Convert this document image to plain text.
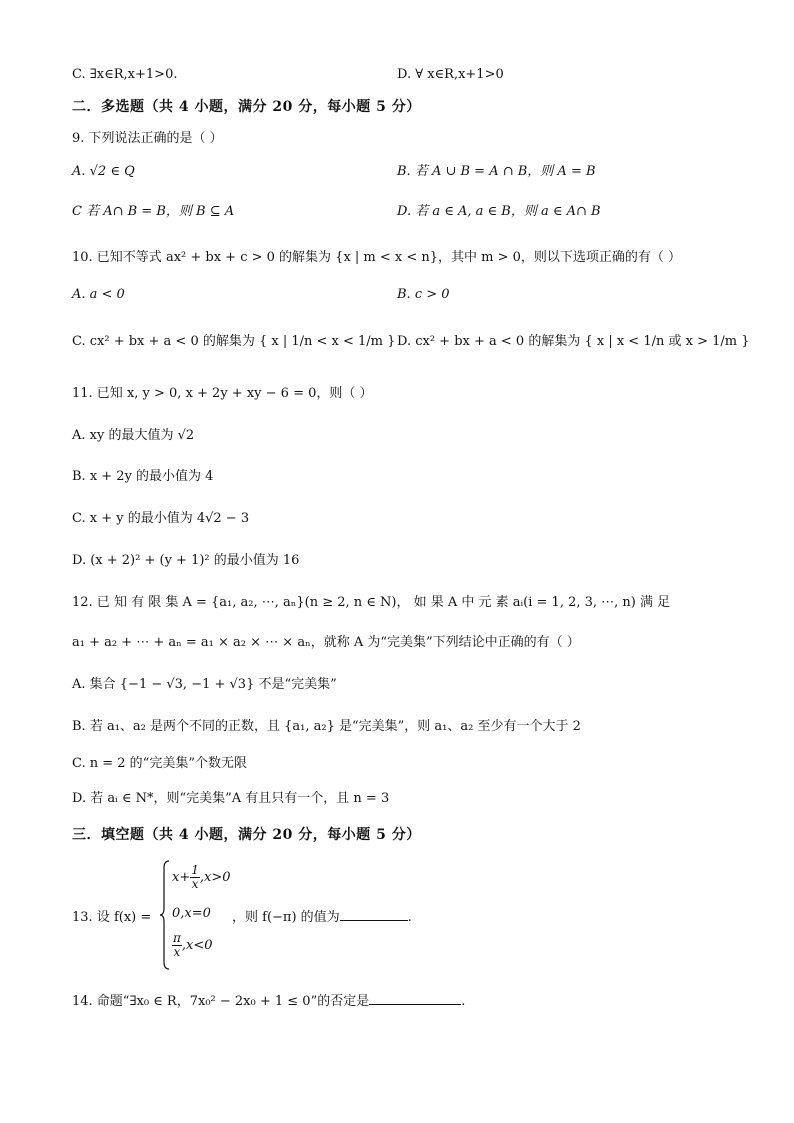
C. ∃x∈R,x+1>0.	D. ∀ x∈R,x+1>0
二．多选题（共 4 小题，满分 20 分，每小题 5 分）
9. 下列说法正确的是（ ）
A. √2 ∈ Q	B. 若 A ∪ B = A ∩ B，则 A = B
C 若 A∩ B = B，则 B ⊆ A	D. 若 a ∈ A, a ∈ B，则 a ∈ A∩ B
10. 已知不等式 ax² + bx + c > 0 的解集为 {x | m < x < n}，其中 m > 0，则以下选项正确的有（ ）
A. a < 0	B. c > 0
C. cx² + bx + a < 0 的解集为 { x | 1/n < x < 1/m } D. cx² + bx + a < 0 的解集为 { x | x < 1/n 或 x > 1/m }
11. 已知 x, y > 0, x + 2y + xy − 6 = 0，则（ ）
A. xy 的最大值为 √2
B. x + 2y 的最小值为 4
C. x + y 的最小值为 4√2 − 3
D. (x + 2)² + (y + 1)² 的最小值为 16
12. 已 知 有 限 集 A = {a₁, a₂, ⋯, aₙ}(n ≥ 2, n ∈ N)， 如 果 A 中 元 素 aᵢ(i = 1, 2, 3, ⋯, n) 满 足
a₁ + a₂ + ⋯ + aₙ = a₁ × a₂ × ⋯ × aₙ，就称 A 为“完美集”下列结论中正确的有（ ）
A. 集合 {−1 − √3, −1 + √3} 不是“完美集”
B. 若 a₁、a₂ 是两个不同的正数，且 {a₁, a₂} 是“完美集”，则 a₁、a₂ 至少有一个大于 2
C. n = 2 的“完美集”个数无限
D. 若 aᵢ ∈ N*，则“完美集”A 有且只有一个，且 n = 3
三．填空题（共 4 小题，满分 20 分，每小题 5 分）
13. 设 f(x) =
$x+ \frac{1}{x} ,x>0$
0,x=0
$\frac{\pi}{x} ,x<0$
，则 f(−π) 的值为	.
14. 命题“∃x₀ ∈ R，7x₀² − 2x₀ + 1 ≤ 0”的否定是	.
